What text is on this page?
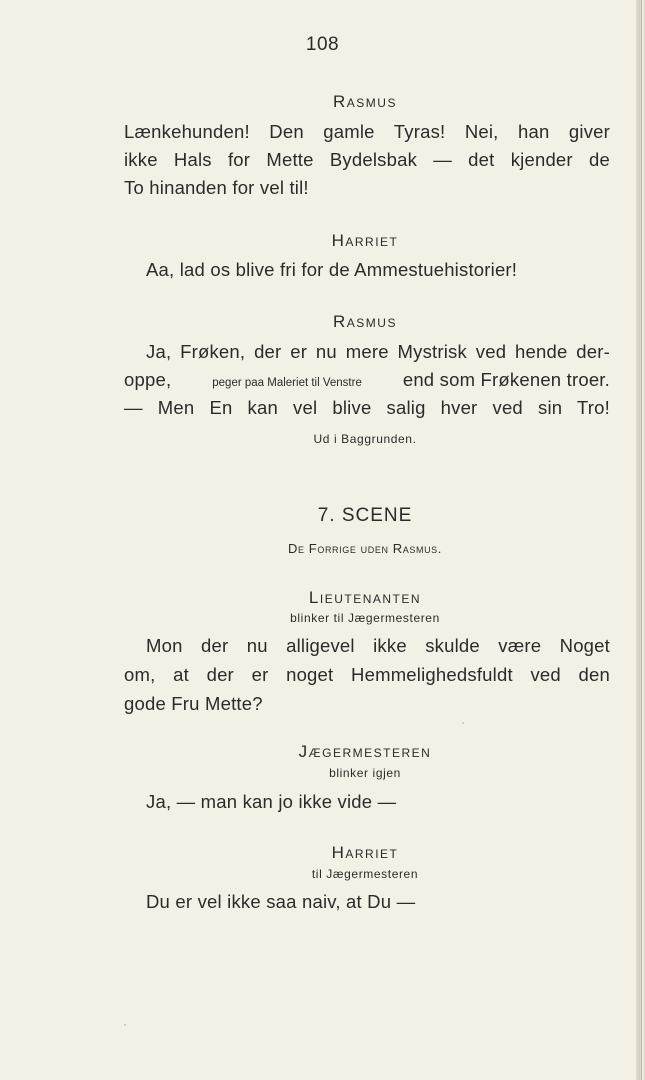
108
Rasmus
Lænkehunden! Den gamle Tyras! Nei, han giver
ikke Hals for Mette Bydelsbak — det kjender de
To hinanden for vel til!
Harriet
Aa, lad os blive fri for de Ammestuehistorier!
Rasmus
Ja, Frøken, der er nu mere Mystrisk ved hende der-
oppe,	peger paa Maleriet til Venstre end som Frøkenen troer.
— Men En kan vel blive salig hver ved sin Tro!
Ud i Baggrunden.
7. SCENE
De Forrige uden Rasmus.
Lieutenanten
blinker til Jægermesteren
Mon der nu alligevel ikke skulde være Noget
om, at der er noget Hemmelighedsfuldt ved den
gode Fru Mette?
Jægermesteren
blinker igjen
Ja, — man kan jo ikke vide —
Harriet
til Jægermesteren
Du er vel ikke saa naiv, at Du —
